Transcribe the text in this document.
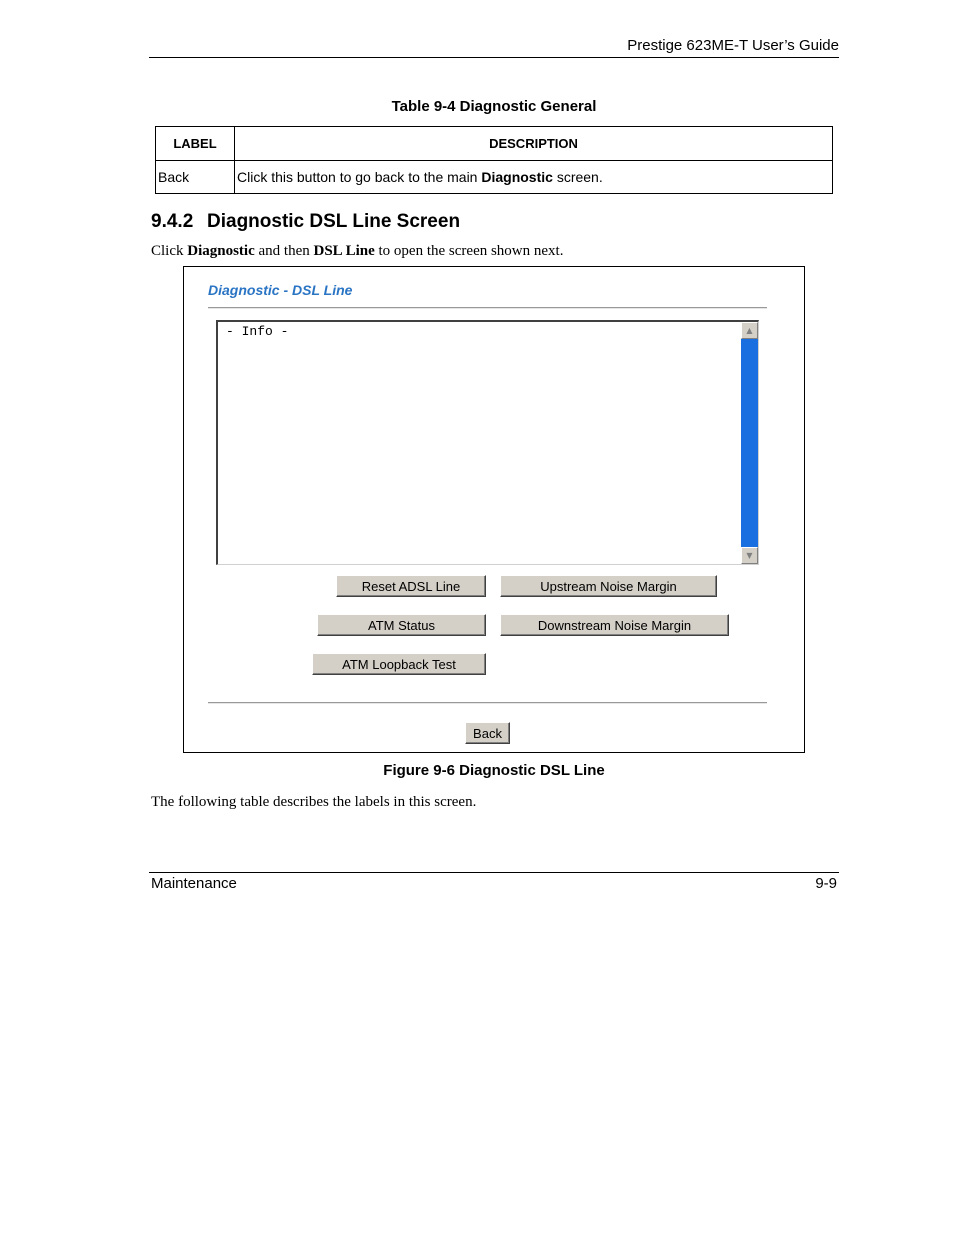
Prestige 623ME-T User’s Guide
Table 9-4 Diagnostic General
LABEL	DESCRIPTION
Back	Click this button to go back to the main Diagnostic screen.
9.4.2 Diagnostic DSL Line Screen
Click Diagnostic and then DSL Line to open the screen shown next.
Diagnostic - DSL Line
- Info -	▲
▼
Reset ADSL Line	Upstream Noise Margin
ATM Status	Downstream Noise Margin
ATM Loopback Test
Back
Figure 9-6 Diagnostic DSL Line
The following table describes the labels in this screen.
Maintenance	9-9
